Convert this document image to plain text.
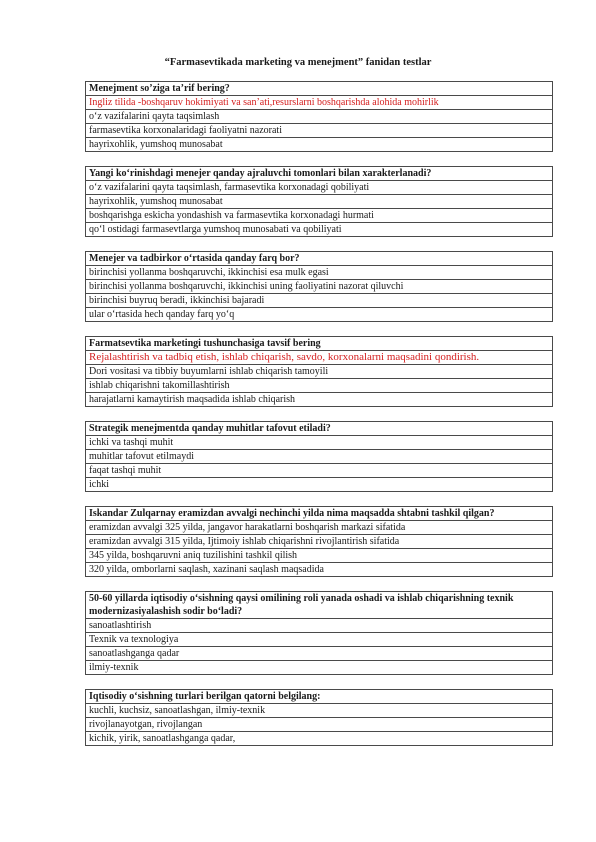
“Farmasevtikada marketing va menejment” fanidan testlar
Menejment so’ziga ta’rif bering?
Ingliz tilida -boshqaruv hokimiyati va san’ati,resurslarni boshqarishda alohida mohirlik
o‘z vazifalarini qayta taqsimlash
farmasevtika korxonalaridagi faoliyatni nazorati
hayrixohlik, yumshoq munosabat
Yangi ko‘rinishdagi menejer qanday ajraluvchi tomonlari bilan xarakterlanadi?
o‘z vazifalarini qayta taqsimlash, farmasevtika korxonadagi qobiliyati
hayrixohlik, yumshoq munosabat
boshqarishga eskicha yondashish va farmasevtika korxonadagi hurmati
qo‘l ostidagi farmasevtlarga yumshoq munosabati va qobiliyati
Menejer va tadbirkor o‘rtasida qanday farq bor?
birinchisi yollanma boshqaruvchi, ikkinchisi esa mulk egasi
birinchisi yollanma boshqaruvchi, ikkinchisi uning faoliyatini nazorat qiluvchi
birinchisi buyruq beradi, ikkinchisi bajaradi
ular o‘rtasida hech qanday farq yo‘q
Farmatsevtika marketingi tushunchasiga tavsif bering
Rejalashtirish va tadbiq etish, ishlab chiqarish, savdo, korxonalarni maqsadini qondirish.
Dori vositasi va tibbiy buyumlarni ishlab chiqarish tamoyili
ishlab chiqarishni takomillashtirish
harajatlarni kamaytirish maqsadida ishlab chiqarish
Strategik menejmentda qanday muhitlar tafovut etiladi?
ichki va tashqi muhit
muhitlar tafovut etilmaydi
faqat tashqi muhit
ichki
Iskandar Zulqarnay eramizdan avvalgi nechinchi yilda nima maqsadda shtabni tashkil qilgan?
eramizdan avvalgi 325 yilda, jangavor harakatlarni boshqarish markazi sifatida
eramizdan avvalgi 315 yilda, Ijtimoiy ishlab chiqarishni rivojlantirish sifatida
345 yilda, boshqaruvni aniq tuzilishini tashkil qilish
320 yilda, omborlarni saqlash, xazinani saqlash maqsadida
50-60 yillarda iqtisodiy o‘sishning qaysi omilining roli yanada oshadi va ishlab chiqarishning texnik modernizasiyalashish sodir bo‘ladi?
sanoatlashtirish
Texnik va texnologiya
sanoatlashganga qadar
ilmiy-texnik
Iqtisodiy o‘sishning turlari berilgan qatorni belgilang:
kuchli, kuchsiz, sanoatlashgan, ilmiy-texnik
rivojlanayotgan, rivojlangan
kichik, yirik, sanoatlashganga qadar,
